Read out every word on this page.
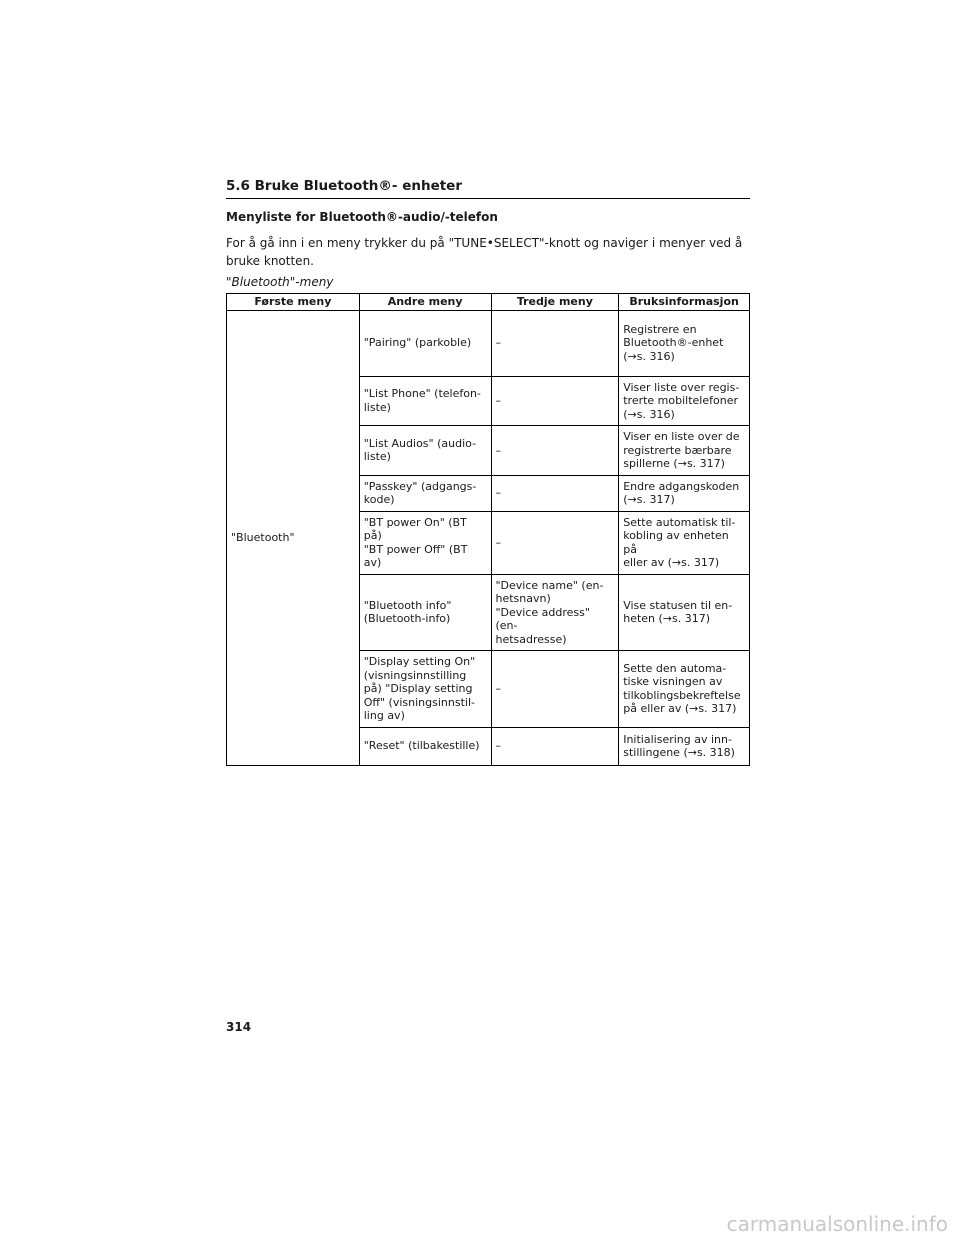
5.6 Bruke Bluetooth®- enheter
Menyliste for Bluetooth®-audio/-telefon
For å gå inn i en meny trykker du på "TUNE•SELECT"-knott og naviger i menyer ved å bruke knotten.
"Bluetooth"-meny
Første meny	Andre meny	Tredje meny	Bruksinformasjon
"Bluetooth"	"Pairing" (parkoble)	–	Registrere en
Bluetooth®-enhet
(→s. 316)

	"List Phone" (telefon-
liste)	–	Viser liste over regis-
trerte mobiltelefoner
(→s. 316)

	"List Audios" (audio-
liste)	–	Viser en liste over de
registrerte bærbare
spillerne (→s. 317)

	"Passkey" (adgangs-
kode)	–	Endre adgangskoden
(→s. 317)

	"BT power On" (BT på)
"BT power Off" (BT av)	–	Sette automatisk til-
kobling av enheten på
eller av (→s. 317)

	"Bluetooth info"
(Bluetooth-info)	"Device name" (en-
hetsnavn)
"Device address" (en-
hetsadresse)	Vise statusen til en-
heten (→s. 317)

	"Display setting On"
(visningsinnstilling
på) "Display setting
Off" (visningsinnstil-
ling av)	–	Sette den automa-
tiske visningen av
tilkoblingsbekreftelse
på eller av (→s. 317)

	"Reset" (tilbakestille)	–	Initialisering av inn-
stillingene (→s. 318)
314
carmanualsonline.info
